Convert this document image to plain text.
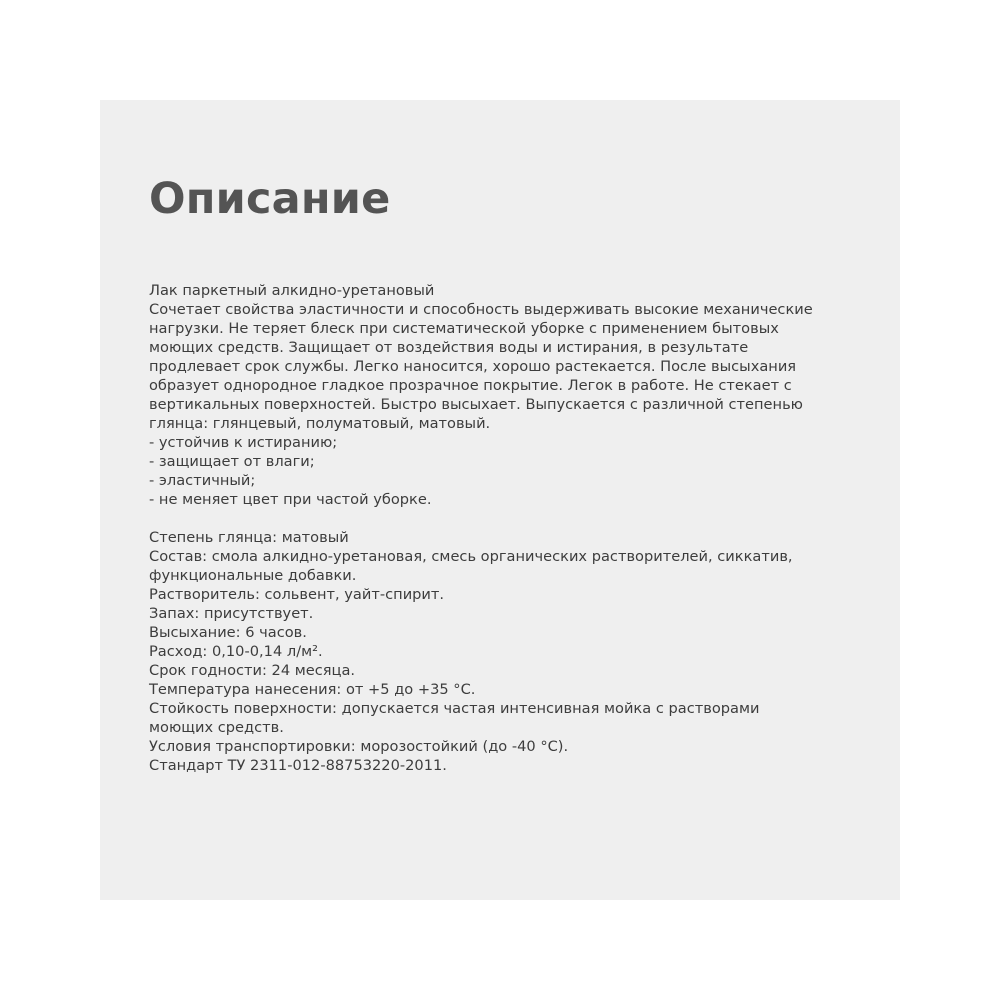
Описание
Лак паркетный алкидно-уретановый
Сочетает свойства эластичности и способность выдерживать высокие механические
нагрузки. Не теряет блеск при систематической уборке с применением бытовых
моющих средств. Защищает от воздействия воды и истирания, в результате
продлевает срок службы. Легко наносится, хорошо растекается. После высыхания
образует однородное гладкое прозрачное покрытие. Легок в работе. Не стекает с
вертикальных поверхностей. Быстро высыхает. Выпускается с различной степенью
глянца: глянцевый, полуматовый, матовый.
- устойчив к истиранию;
- защищает от влаги;
- эластичный;
- не меняет цвет при частой уборке.
Степень глянца: матовый
Состав: смола алкидно-уретановая, смесь органических растворителей, сиккатив,
функциональные добавки.
Растворитель: сольвент, уайт-спирит.
Запах: присутствует.
Высыхание: 6 часов.
Расход: 0,10-0,14 л/м².
Срок годности: 24 месяца.
Температура нанесения: от +5 до +35 °С.
Стойкость поверхности: допускается частая интенсивная мойка с растворами
моющих средств.
Условия транспортировки: морозостойкий (до -40 °С).
Стандарт ТУ 2311-012-88753220-2011.
